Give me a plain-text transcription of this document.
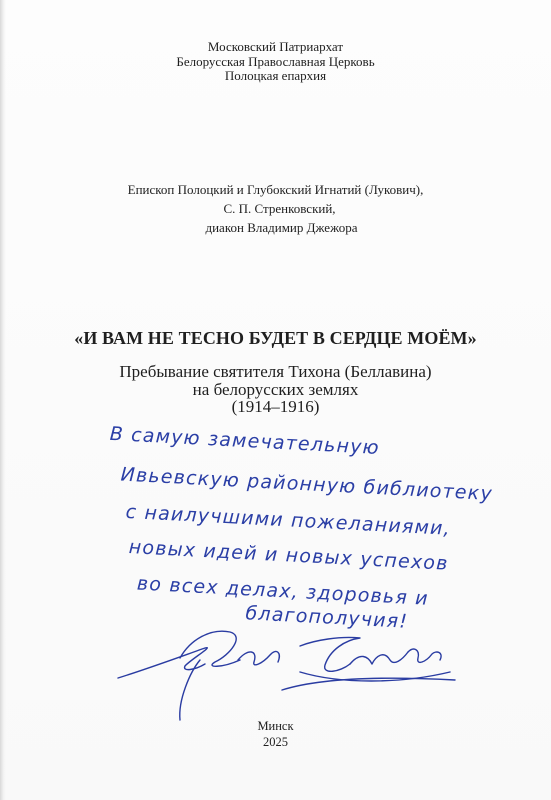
Московский Патриархат
Белорусская Православная Церковь
Полоцкая епархия
Епископ Полоцкий и Глубокский Игнатий (Лукович),
С. П. Стренковский,
диакон Владимир Джежора
«И ВАМ НЕ ТЕСНО БУДЕТ В СЕРДЦЕ МОЁМ»
Пребывание святителя Тихона (Беллавина)
на белорусских землях
(1914–1916)
В самую замечательную
Ивьевскую районную библиотеку
с наилучшими пожеланиями,
новых идей и новых успехов
во всех делах, здоровья и
благополучия!
Минск
2025
